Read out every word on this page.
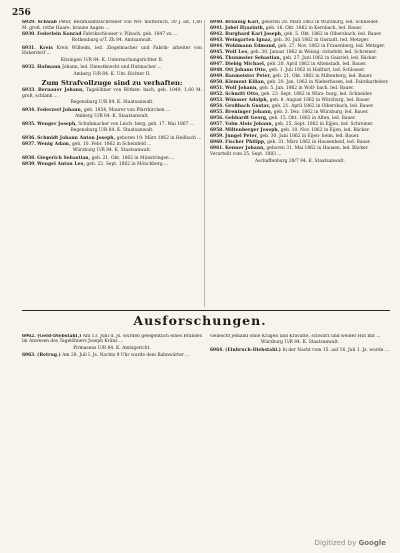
256

6929. Schwab Peter, Bezirksamtsschreiber von Wit- mütterlich, 30 J. alt, 1,60 M. groß, rothe Haare, braune Augen ...

6930. Federlein Konrad Fabrikschlosser v. Pilsach, geb. 1847 zu ...

Rothenburg o/T. Zh 84. Amtsanwalt.

6931. Kreis Kreis Wilhelm, led. Ziegelmacher und Fabrik- arbeiter von Haberdorf ...

Kitzingen U/R 84. K. Untersuchungsrichter II.

6932. Hofmann Johann, led. Dienstknecht und Hutmacher ...

Amberg U/R 84. K. Unt.-Richter II.

Zum Strafvollzuge sind zu verhaften:

6933. Bernauer Johann, Tagelöhner von Röthen- bach, geb. 1849, 1,60 M. groß, schlank ...

Regensburg U/R 84. K. Staatsanwalt.

6934. Federzerl Johann, geb. 1854, Maurer von Pfarrkirchen ...

Amberg U/R 84. K. Staatsanwalt.

6935. Wenger Joseph, Schuhmacher von Leich- berg, geb. 17. Mai 1867 ...

Regensburg U/R 84. K. Staatsanwalt.

6936. Schmidt Johann Anton Joseph, geboren 19. März 1862 in Heilbach ...

6937. Wenig Adam, geb. 10. Febr. 1862 in Scheinfeld ...

Würzburg U/R 84. K. Staatsanwalt.

6938. Giegerich Sebastian, geb. 21. Okt. 1862 in Münstringen ...

6939. Wengel Anton Leo, geb. 22. Sept. 1862 in Mönchberg ...

6940. Brennig Karl, geboren 28. März 1862 in Würzburg, led. Schneider.

6941. Jobel Hyazinth, geb. 16. Okt. 1862 in Kernbach, led. Bauer.

6942. Burghard Karl Joseph, geb. 5. Okt. 1862 in Olbersbach, led. Bauer.

6943. Weingarten Ignaz, geb. 30. Juli 1862 in Gnstadt, led. Metzger.

6944. Wohlmann Edmund, geb. 27. Nov. 1862 in Frauenberg, led. Metzger.

6945. Wolf Leo, geb. 30. Januar 1862 in Weinig- richsfeld, led. Schreiner.

6946. Thunmeier Sebastian, geb. 27. Juni 1862 in Gaisriet, led. Bäcker.

6947. Diebig Michael, geb. 20. April 1862 in Altenstadt, led. Bauer.

6948. Ott Johann Otto, geb. 1. Juli 1862 in Haßfurt, led. Schlosser.

6949. Baumeister Peter, geb. 21. Okt. 1862 in Miltenberg, led. Bauer.

6950. Klement Kilian, geb. 20. Jan. 1862 in Nieberhosen, led. Fabrikarbeiter.

6951. Wolf Johann, geb. 5. Jan. 1862 in Wolf- bach, led. Bauer.

6952. Schmitt Otto, geb. 23. Sept. 1862 in Würz- burg, led. Schneider.

6953. Wünsser Adolph, geb. 8. August 1862 in Würzburg, led. Bauer.

6954. Großbach Gustav, geb. 21. April 1862 in Olbersbach, led. Bauer.

6955. Breninger Johann, geb. 3. Dez. 1862 in Würzburg, led. Bauer.

6956. Gebhardt Georg, geb. 15. Okt. 1862 in Alten, led. Bauer.

6957. Volm Alois Johann, geb. 25. Sept. 1862 in Eijjen, led. Schreiner.

6958. Miltenberger Joseph, geb. 10. Nov. 1862 in Eijen, led. Bäcker.

6959. Jungel Peter, geb. 30. Juni 1862 in Eijen- heim, led. Bauer.

6960. Fischer Philipp, geb. 31. März 1862 in Hausenheid, led. Bauer.

6961. Kenner Johann, geboren 31. Mai 1862 in Hausen, led. Bäcker.

Verurteilt vom 25. Sept. 1883 ...

Aschaffenburg 28/7 84. K. Staatsanwalt.

Ausforschungen.

6962. (Geld-Diebstahl.) Am 13. Juni d. Js. wurden gelegentlich eines Brandes im Anwesen des Tagelöhners Joseph Kränz ...

Pirmasens U/R 84. K. Amtsgericht.

6963. (Betrug.) Am 28. Juli I. Js. Nachts 9 Uhr wurde dem Bahnwärter ...

vielleicht jemand ohne Kragen und Kravatte, schwarz und weißer Hut mit ...

Würzburg U/R 84. K. Staatsanwalt.

6964. (Einbruch-Diebstahl.) In der Nacht vom 15. auf 16. Juli 1. Js. wurde ...

Digitized by Google
